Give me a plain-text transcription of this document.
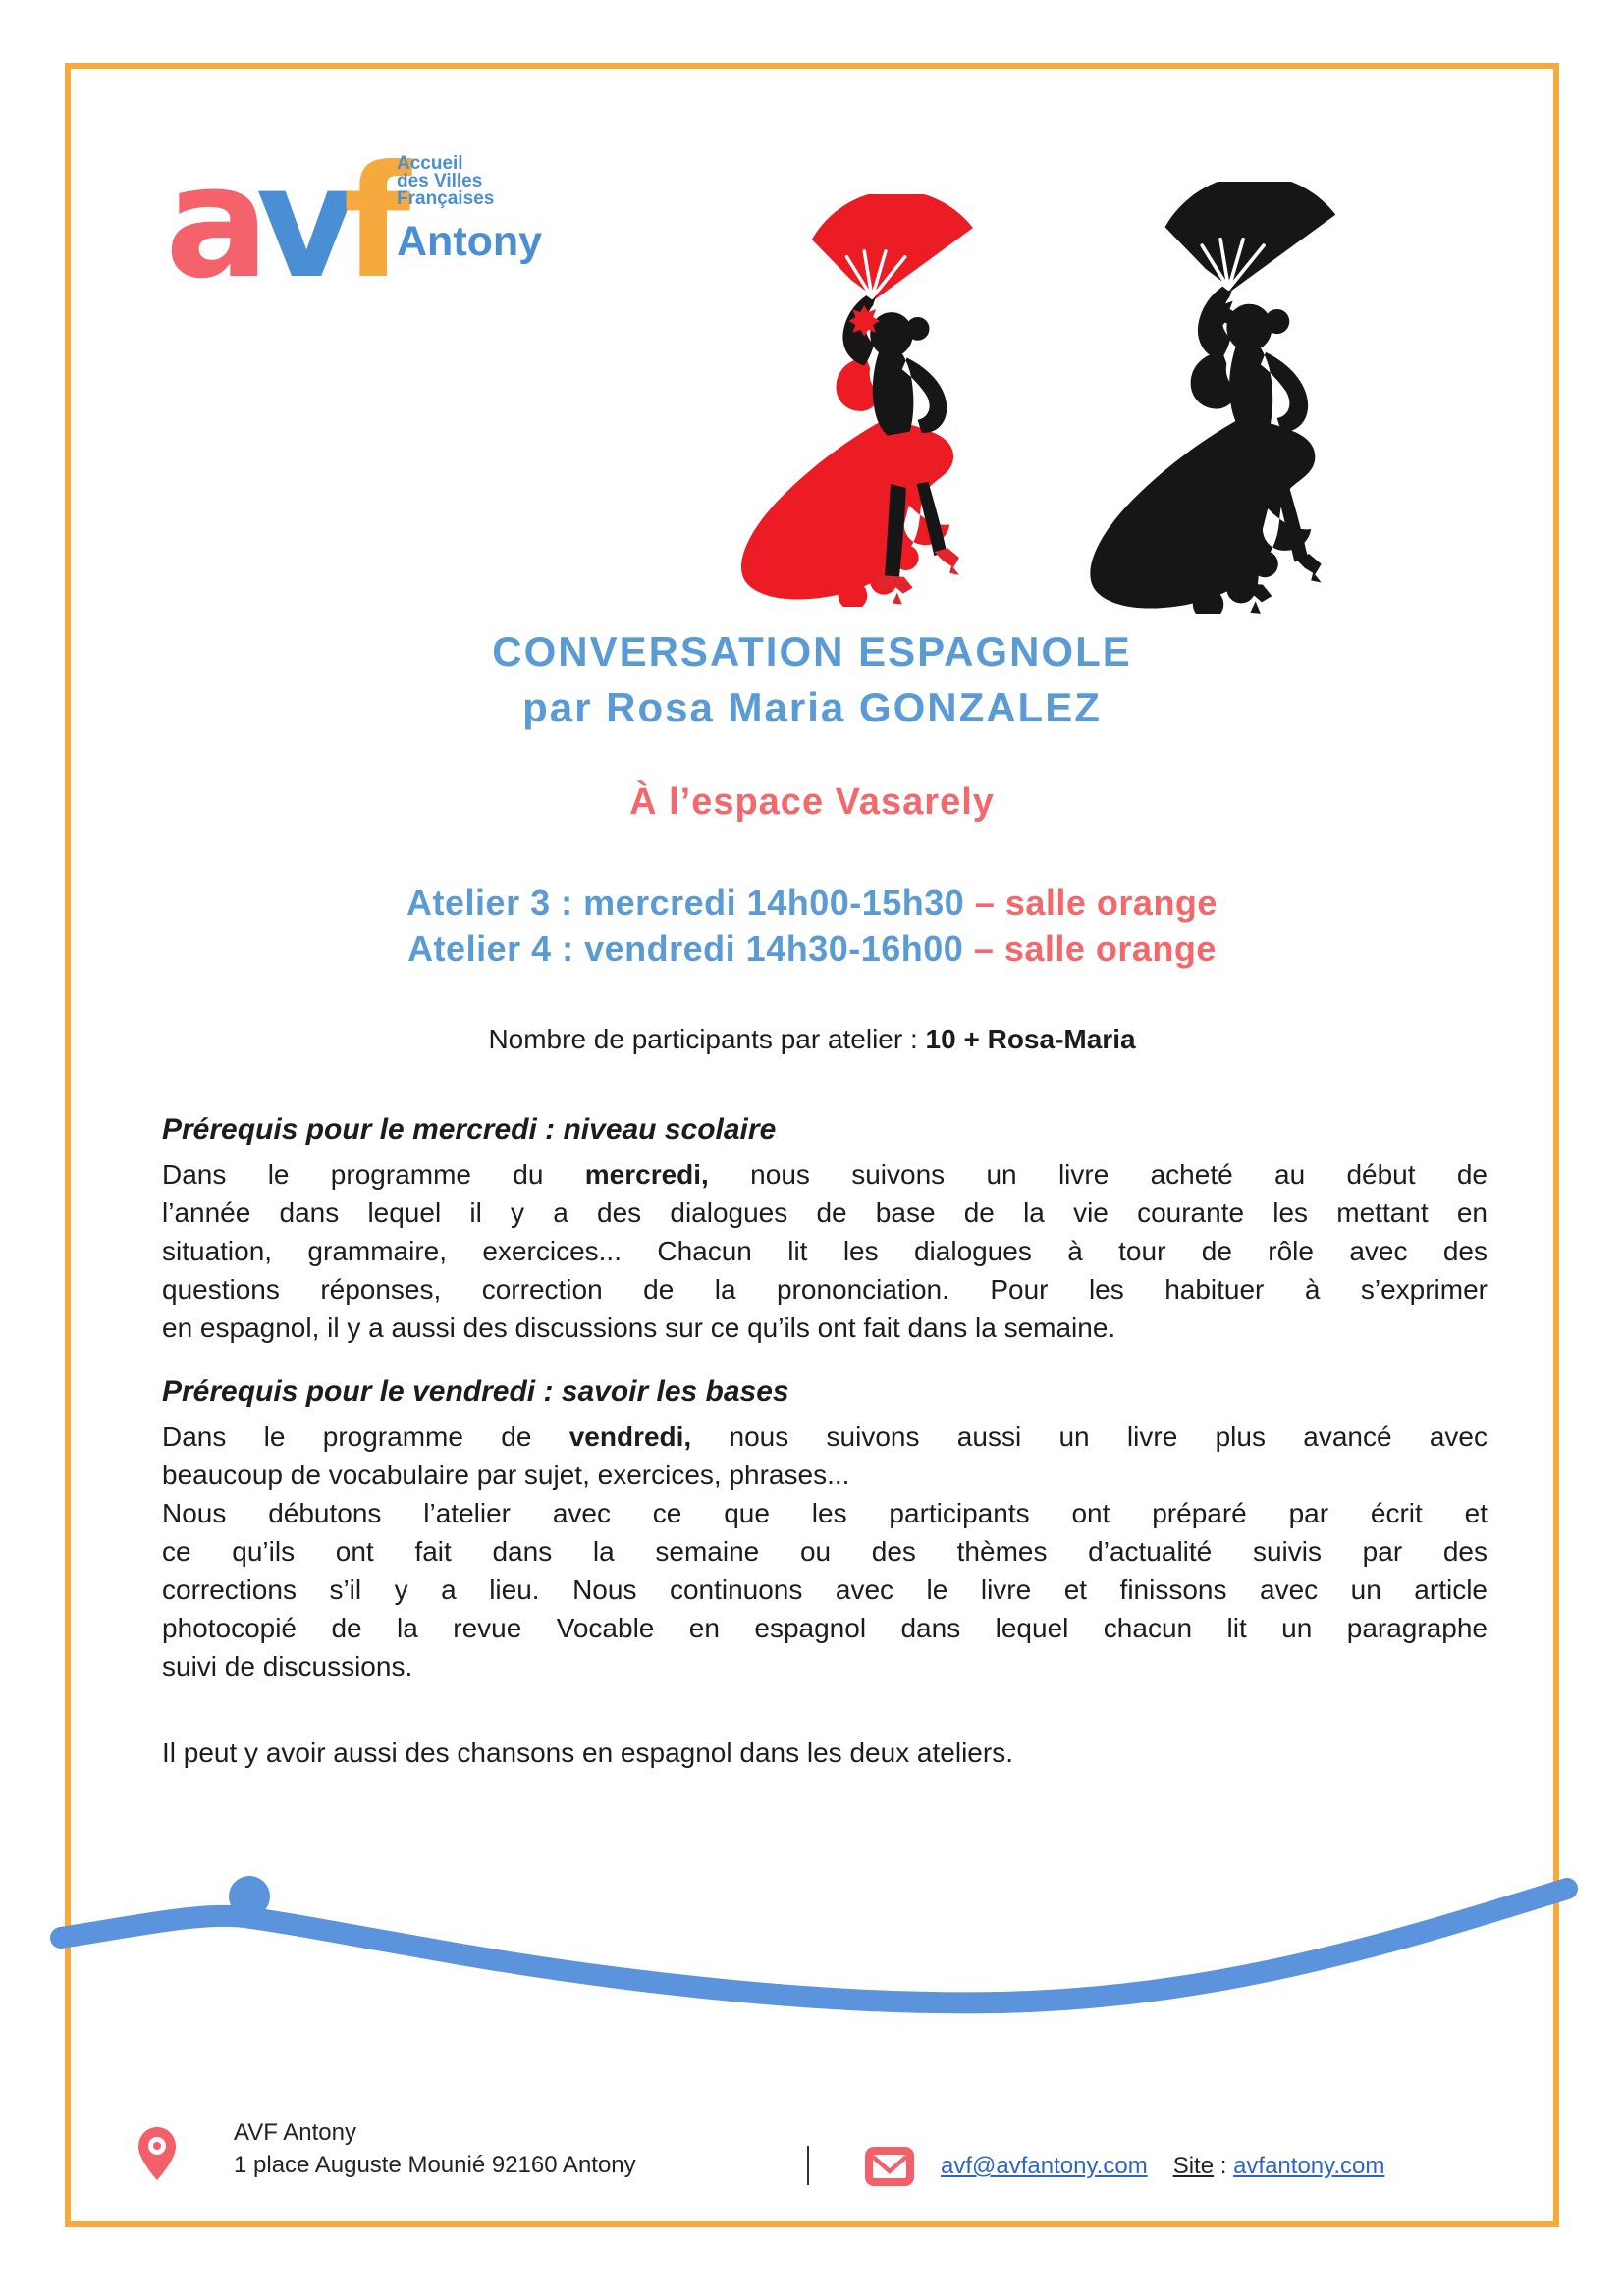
avf Accueil
des Villes
Françaises
Antony
CONVERSATION ESPAGNOLE
par Rosa Maria GONZALEZ
À l’espace Vasarely
Atelier 3 : mercredi 14h00-15h30 – salle orange
Atelier 4 : vendredi 14h30-16h00 – salle orange
Nombre de participants par atelier : 10 + Rosa-Maria
Prérequis pour le mercredi : niveau scolaire
Dans le programme du mercredi, nous suivons un livre acheté au début de
l’année dans lequel il y a des dialogues de base de la vie courante les mettant en
situation, grammaire, exercices... Chacun lit les dialogues à tour de rôle avec des
questions réponses, correction de la prononciation. Pour les habituer à s’exprimer
en espagnol, il y a aussi des discussions sur ce qu’ils ont fait dans la semaine.
Prérequis pour le vendredi : savoir les bases
Dans le programme de vendredi, nous suivons aussi un livre plus avancé avec
beaucoup de vocabulaire par sujet, exercices, phrases...
Nous débutons l’atelier avec ce que les participants ont préparé par écrit et
ce qu’ils ont fait dans la semaine ou des thèmes d’actualité suivis par des
corrections s’il y a lieu. Nous continuons avec le livre et finissons avec un article
photocopié de la revue Vocable en espagnol dans lequel chacun lit un paragraphe
suivi de discussions.
Il peut y avoir aussi des chansons en espagnol dans les deux ateliers.
AVF Antony
1 place Auguste Mounié 92160 Antony	avf@avfantony.com Site : avfantony.com
